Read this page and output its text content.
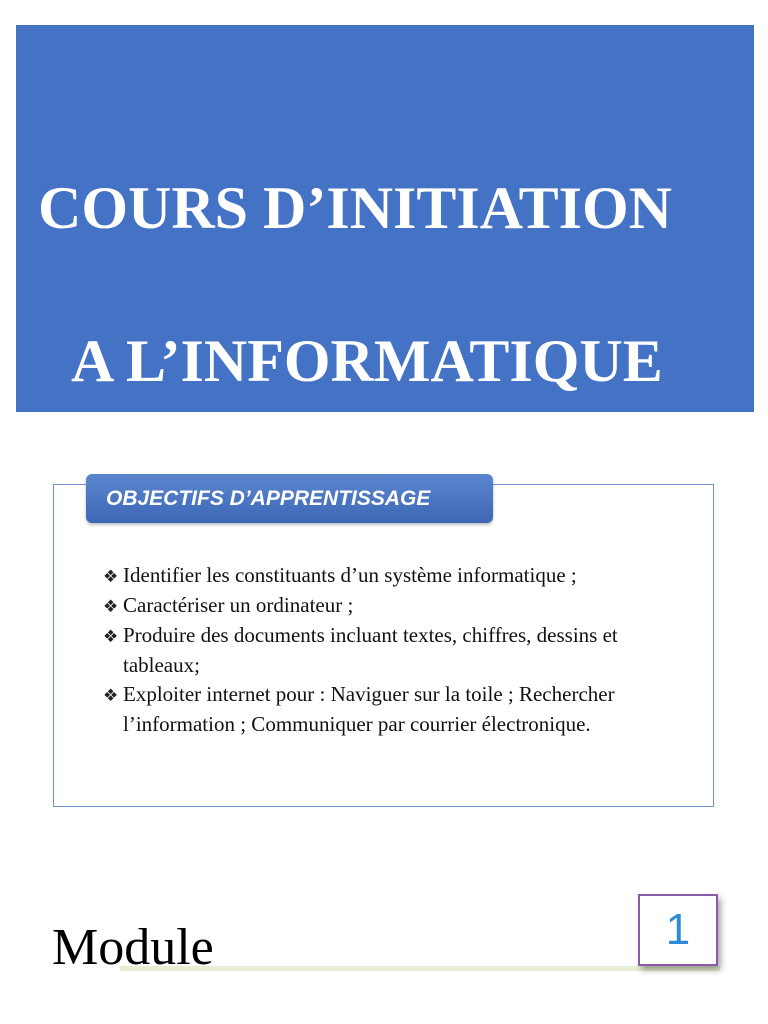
COURS D’INITIATION
A L’INFORMATIQUE
OBJECTIFS D’APPRENTISSAGE
❖ Identifier les constituants d’un système informatique ;
❖ Caractériser un ordinateur ;
❖ Produire des documents incluant textes, chiffres, dessins et tableaux;
❖ Exploiter internet pour : Naviguer sur la toile ; Rechercher l’information ; Communiquer par courrier électronique.
Module	1
